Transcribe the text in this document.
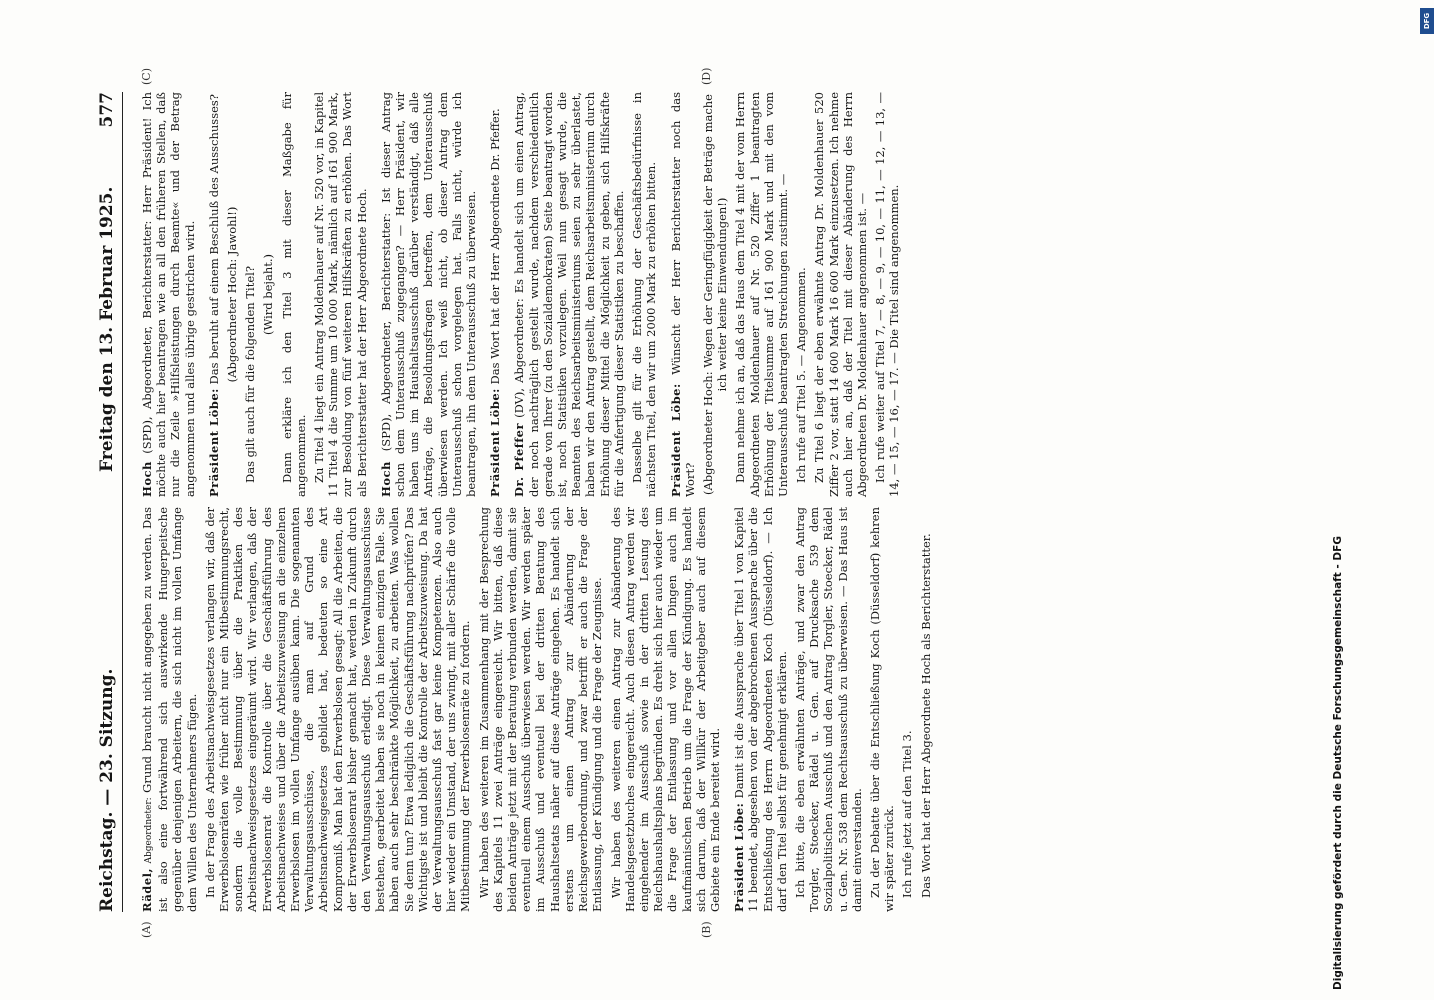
Reichstag. — 23. Sitzung.
Freitag den 13. Februar 1925.
577
(A)	(B)
(C)	(D)

Rädel, Abgeordneter: Grund braucht nicht angegeben zu werden. Das ist also eine fortwährend sich auswirkende Hungerpeitsche gegenüber denjenigen Arbeitern, die sich nicht im vollen Umfange dem Willen des Unternehmers fügen. In der Frage des Arbeitsnachweisgesetzes verlangen wir, daß der Erwerbslosenräten wie früher nicht nur ein Mitbestimmungsrecht, sondern die volle Bestimmung über die Praktiken des Arbeitsnachweisgesetzes eingeräumt wird. Wir verlangen, daß der Erwerbslosenrat die Kontrolle über die Geschäftsführung des Arbeitsnachweises und über die Arbeitszuweisung an die einzelnen Erwerbslosen im vollen Umfange ausüben kann. Die sogenannten Verwaltungsausschüsse, die man auf Grund des Arbeitsnachweisgesetzes gebildet hat, bedeuten so eine Art Kompromiß. Man hat den Erwerbslosen gesagt: All die Arbeiten, die der Erwerbslosenrat bisher gemacht hat, werden in Zukunft durch den Verwaltungsausschuß erledigt. Diese Verwaltungsausschüsse bestehen, gearbeitet haben sie noch in keinem einzigen Falle. Sie haben auch sehr beschränkte Möglichkeit, zu arbeiten. Was wollen Sie denn tun? Etwa lediglich die Geschäftsführung nachprüfen? Das Wichtigste ist und bleibt die Kontrolle der Arbeitszuweisung. Da hat der Verwaltungsausschuß fast gar keine Kompetenzen. Also auch hier wieder ein Umstand, der uns zwingt, mit aller Schärfe die volle Mitbestimmung der Erwerbslosenräte zu fordern. Wir haben des weiteren im Zusammenhang mit der Besprechung des Kapitels 11 zwei Anträge eingereicht. Wir bitten, daß diese beiden Anträge jetzt mit der Beratung verbunden werden, damit sie eventuell einem Ausschuß überwiesen werden. Wir werden später im Ausschuß und eventuell bei der dritten Beratung des Haushaltsetats näher auf diese Anträge eingehen. Es handelt sich erstens um einen Antrag zur Abänderung der Reichsgewerbeordnung, und zwar betrifft er auch die Frage der Entlassung, der Kündigung und die Frage der Zeugnisse. Wir haben des weiteren einen Antrag zur Abänderung des Handelsgesetzbuches eingereicht. Auch diesen Antrag werden wir eingehender im Ausschuß sowie in der dritten Lesung des Reichshaushaltsplans begründen. Es dreht sich hier auch wieder um die Frage der Entlassung und vor allen Dingen auch im kaufmännischen Betrieb um die Frage der Kündigung. Es handelt sich darum, daß der Willkür der Arbeitgeber auch auf diesem Gebiete ein Ende bereitet wird. Präsident Löbe: Damit ist die Aussprache über Titel 1 von Kapitel 11 beendet, abgesehen von der abgebrochenen Aussprache über die Entschließung des Herrn Abgeordneten Koch (Düsseldorf). — Ich darf den Titel selbst für genehmigt erklären. Ich bitte, die eben erwähnten Anträge, und zwar den Antrag Torgler, Stoecker, Rädel u. Gen. auf Drucksache 539 dem Sozialpolitischen Ausschuß und den Antrag Torgler, Stoecker, Rädel u. Gen. Nr. 538 dem Rechtsausschuß zu überweisen. — Das Haus ist damit einverstanden. Zu der Debatte über die Entschließung Koch (Düsseldorf) kehren wir später zurück. Ich rufe jetzt auf den Titel 3. Das Wort hat der Herr Abgeordnete Hoch als Berichterstatter.

Hoch (SPD), Abgeordneter, Berichterstatter: Herr Präsident! Ich möchte auch hier beantragen wie an all den früheren Stellen, daß nur die Zeile »Hilfsleistungen durch Beamte« und der Betrag angenommen und alles übrige gestrichen wird. Präsident Löbe: Das beruht auf einem Beschluß des Ausschusses? (Abgeordneter Hoch: Jawohl!) Das gilt auch für die folgenden Titel? (Wird bejaht.) Dann erkläre ich den Titel 3 mit dieser Maßgabe für angenommen. Zu Titel 4 liegt ein Antrag Moldenhauer auf Nr. 520 vor, in Kapitel 11 Titel 4 die Summe um 10 000 Mark, nämlich auf 161 900 Mark, zur Besoldung von fünf weiteren Hilfskräften zu erhöhen. Das Wort als Berichterstatter hat der Herr Abgeordnete Hoch. Hoch (SPD), Abgeordneter, Berichterstatter: Ist dieser Antrag schon dem Unterausschuß zugegangen? — Herr Präsident, wir haben uns im Haushaltsausschuß darüber verständigt, daß alle Anträge, die Besoldungsfragen betreffen, dem Unterausschuß überwiesen werden. Ich weiß nicht, ob dieser Antrag dem Unterausschuß schon vorgelegen hat. Falls nicht, würde ich beantragen, ihn dem Unterausschuß zu überweisen. Präsident Löbe: Das Wort hat der Herr Abgeordnete Dr. Pfeffer.

Dr. Pfeffer (DV), Abgeordneter: Es handelt sich um einen Antrag, der noch nachträglich gestellt wurde, nachdem verschiedentlich gerade von Ihrer (zu den Sozialdemokraten) Seite beantragt worden ist, noch Statistiken vorzulegen. Weil nun gesagt wurde, die Beamten des Reichsarbeitsministeriums seien zu sehr überlastet, haben wir den Antrag gestellt, dem Reichsarbeitsministerium durch Erhöhung dieser Mittel die Möglichkeit zu geben, sich Hilfskräfte für die Anfertigung dieser Statistiken zu beschaffen. Dasselbe gilt für die Erhöhung der Geschäftsbedürfnisse in nächsten Titel, den wir um 2000 Mark zu erhöhen bitten. Präsident Löbe: Wünscht der Herr Berichterstatter noch das Wort? (Abgeordneter Hoch: Wegen der Geringfügigkeit der Beträge mache ich weiter keine Einwendungen!) Dann nehme ich an, daß das Haus dem Titel 4 mit der vom Herrn Abgeordneten Moldenhauer auf Nr. 520 Ziffer 1 beantragten Erhöhung der Titelsumme auf 161 900 Mark und mit den vom Unterausschuß beantragten Streichungen zustimmt. — Ich rufe auf Titel 5. — Angenommen. Zu Titel 6 liegt der eben erwähnte Antrag Dr. Moldenhauer 520 Ziffer 2 vor, statt 14 600 Mark 16 600 Mark einzusetzen. Ich nehme auch hier an, daß der Titel mit dieser Abänderung des Herrn Abgeordneten Dr. Moldenhauer angenommen ist. — Ich rufe weiter auf Titel 7, — 8, — 9, — 10, — 11, — 12, — 13, — 14, — 15, — 16, — 17. — Die Titel sind angenommen.

Digitalisierung gefördert durch die Deutsche Forschungsgemeinschaft - DFG
DFG
